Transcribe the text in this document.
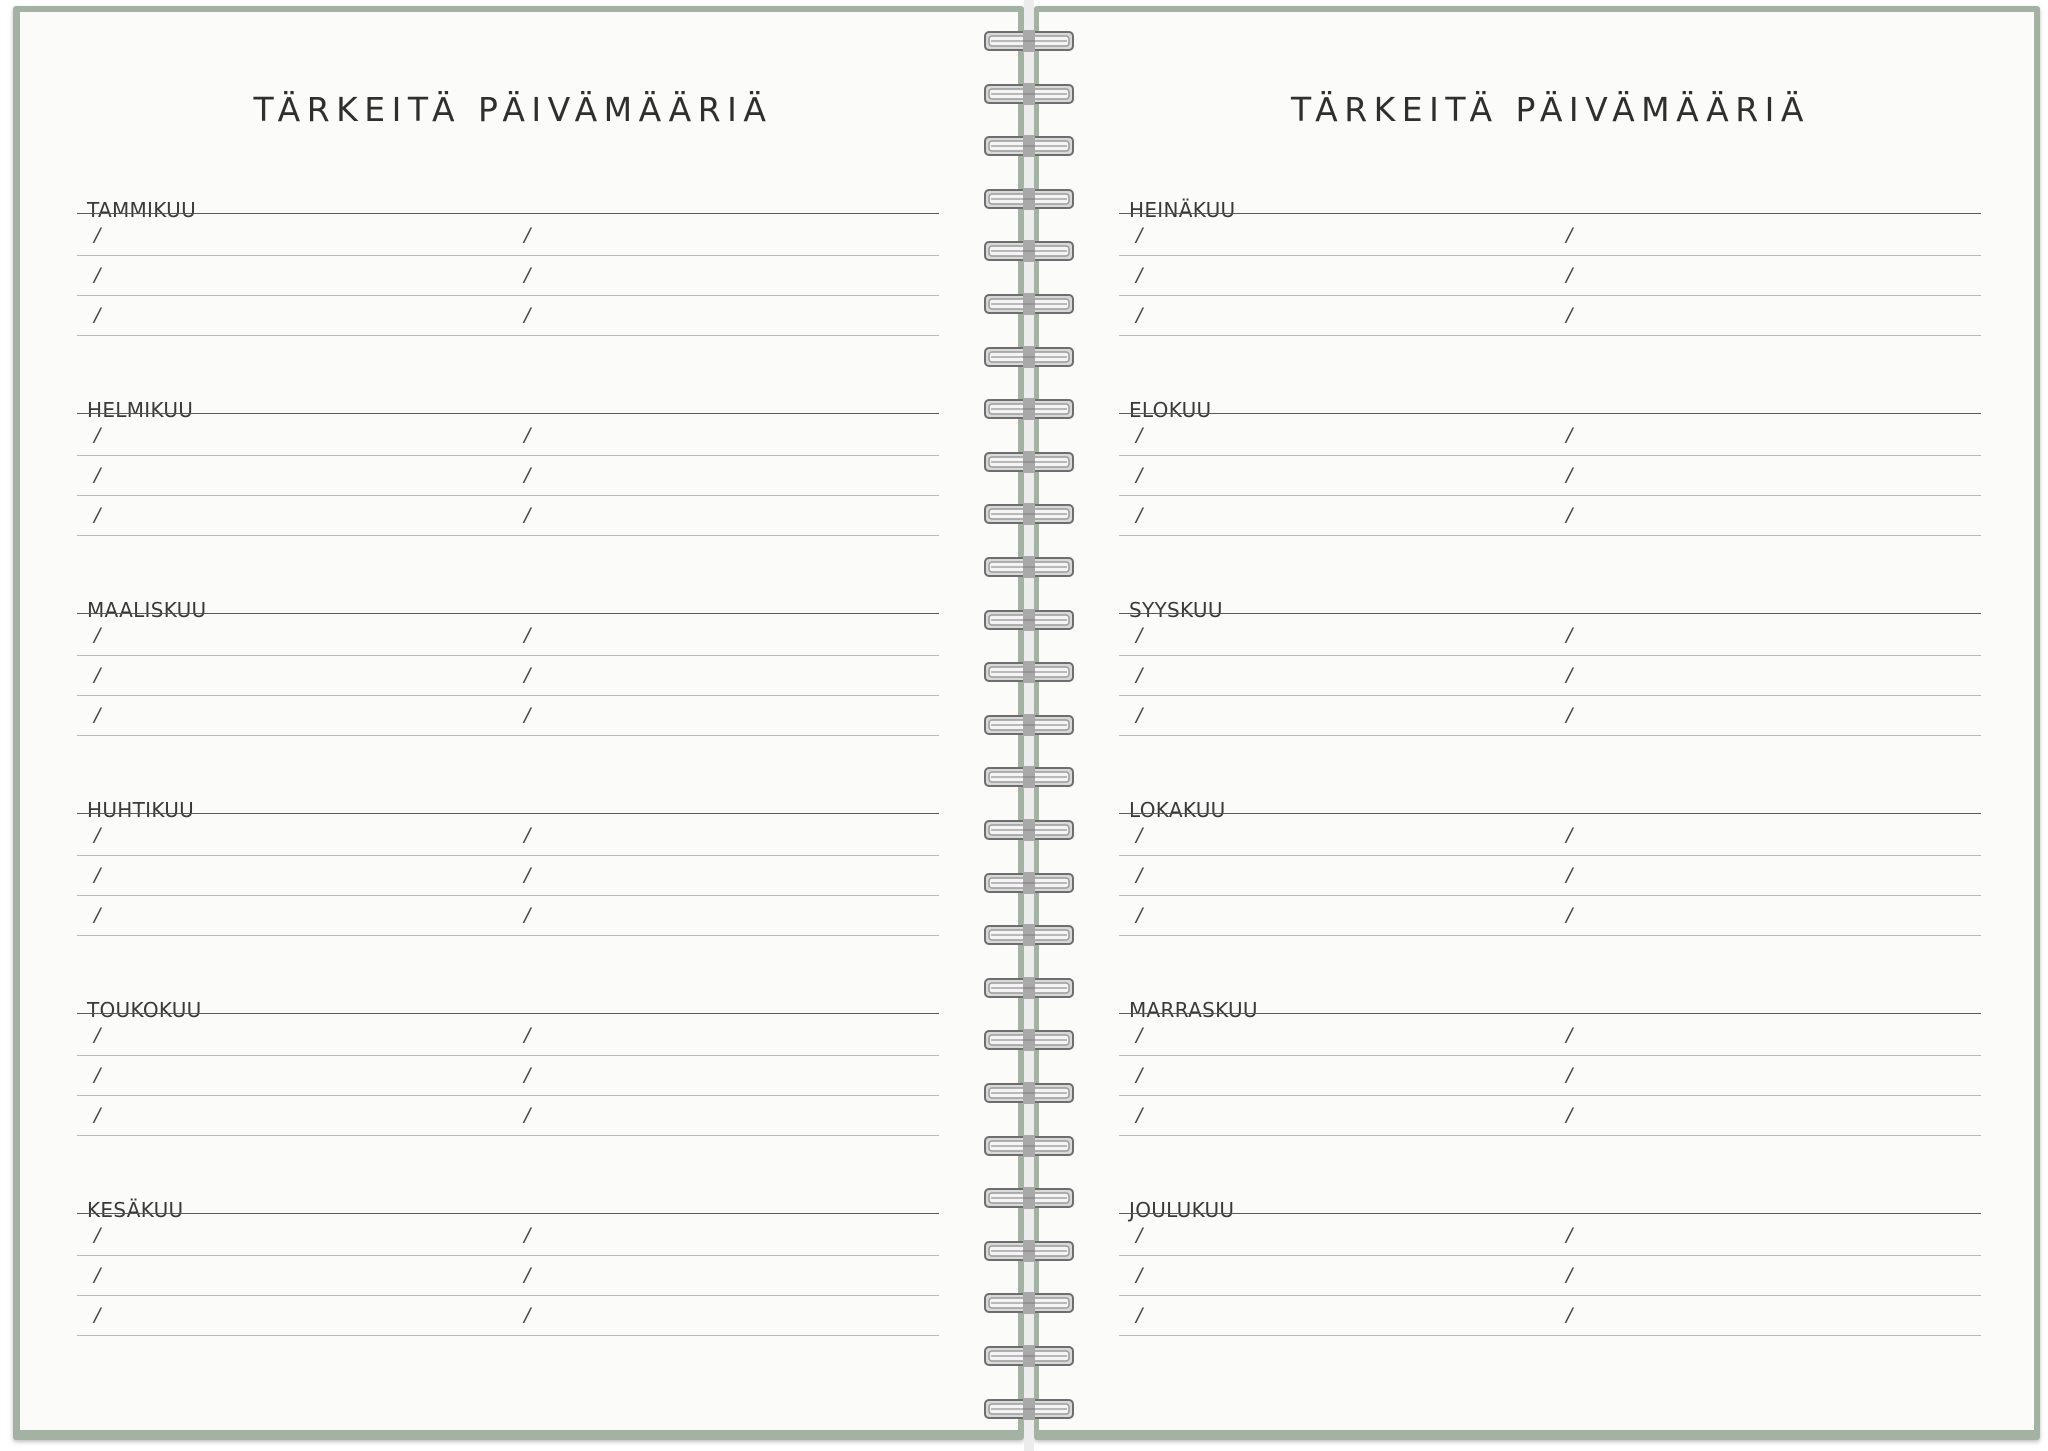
TÄRKEITÄ PÄIVÄMÄÄRIÄ
TAMMIKUU
/	/
/	/
/	/
HELMIKUU
/	/
/	/
/	/
MAALISKUU
/	/
/	/
/	/
HUHTIKUU
/	/
/	/
/	/
TOUKOKUU
/	/
/	/
/	/
KESÄKUU
/	/
/	/
/	/
TÄRKEITÄ PÄIVÄMÄÄRIÄ
HEINÄKUU
/	/
/	/
/	/
ELOKUU
/	/
/	/
/	/
SYYSKUU
/	/
/	/
/	/
LOKAKUU
/	/
/	/
/	/
MARRASKUU
/	/
/	/
/	/
JOULUKUU
/	/
/	/
/	/
